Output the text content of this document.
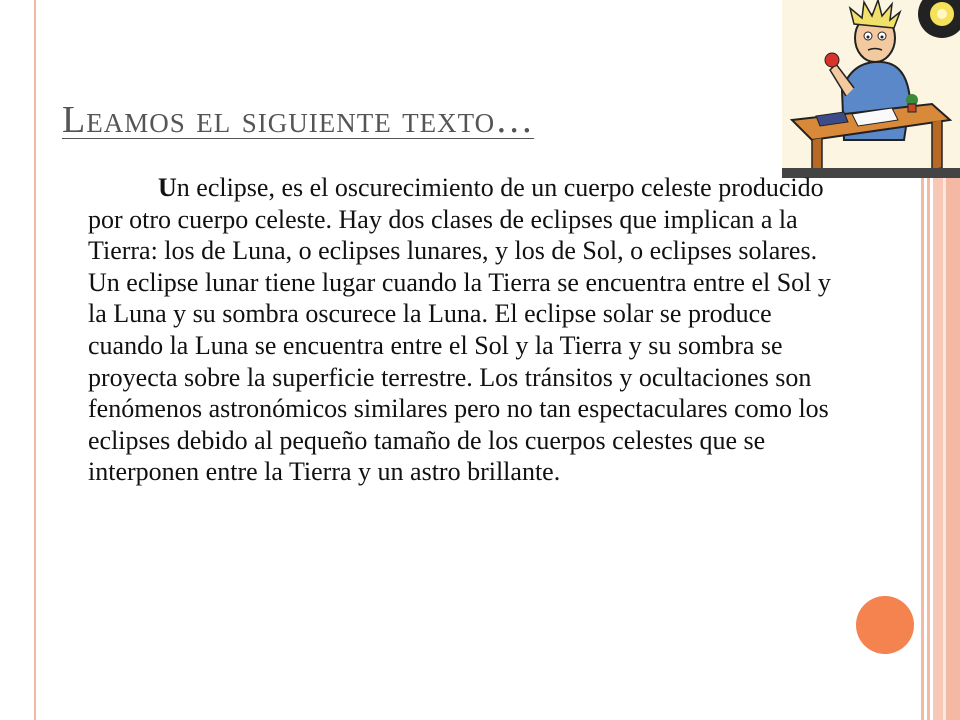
Leamos el siguiente texto…

Un eclipse, es el oscurecimiento de un cuerpo celeste producido por otro cuerpo celeste. Hay dos clases de eclipses que implican a la Tierra: los de Luna, o eclipses lunares, y los de Sol, o eclipses solares. Un eclipse lunar tiene lugar cuando la Tierra se encuentra entre el Sol y la Luna y su sombra oscurece la Luna. El eclipse solar se produce cuando la Luna se encuentra entre el Sol y la Tierra y su sombra se proyecta sobre la superficie terrestre. Los tránsitos y ocultaciones son fenómenos astronómicos similares pero no tan espectaculares como los eclipses debido al pequeño tamaño de los cuerpos celestes que se interponen entre la Tierra y un astro brillante.
